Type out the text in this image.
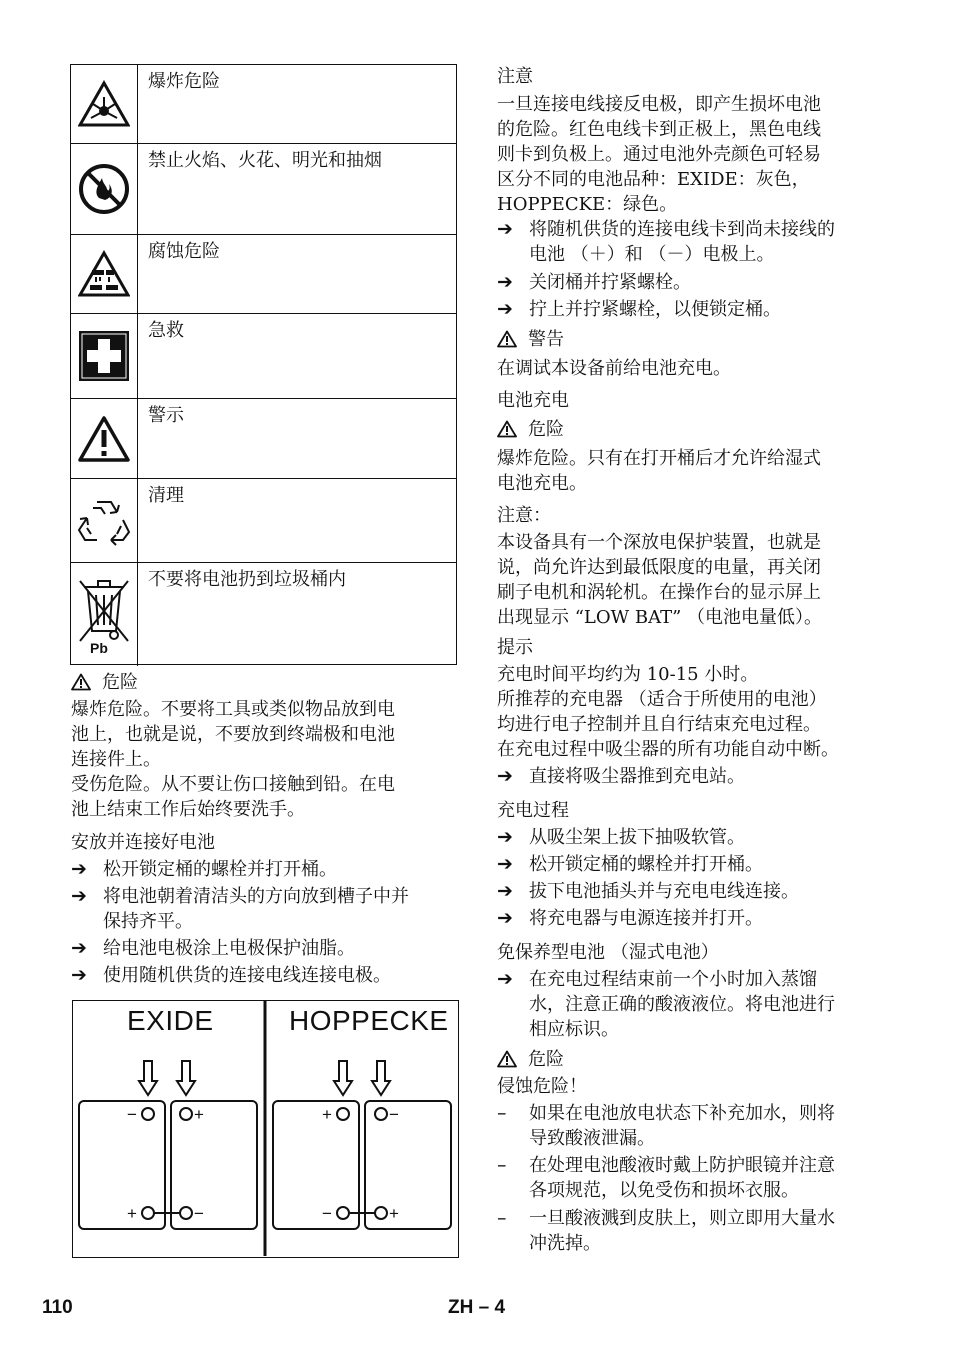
爆炸危险
禁止火焰、火花、明光和抽烟
腐蚀危险
急救
警示
清理
Pb
不要将电池扔到垃圾桶内
危险
爆炸危险。不要将工具或类似物品放到电
池上，也就是说，不要放到终端极和电池
连接件上。
受伤危险。从不要让伤口接触到铅。在电
池上结束工作后始终要洗手。
安放并连接好电池
➔ 松开锁定桶的螺栓并打开桶。
➔ 将电池朝着清洁头的方向放到槽子中并
保持齐平。
➔ 给电池电极涂上电极保护油脂。
➔ 使用随机供货的连接电线连接电极。
−	+
+	−
+	−
−	+
EXIDE	HOPPECKE
注意
一旦连接电线接反电极，即产生损坏电池
的危险。红色电线卡到正极上，黑色电线
则卡到负极上。通过电池外壳颜色可轻易
区分不同的电池品种：EXIDE：灰色，
HOPPECKE：绿色。
➔ 将随机供货的连接电线卡到尚未接线的
电池 （＋）和 （－）电极上。
➔ 关闭桶并拧紧螺栓。
➔ 拧上并拧紧螺栓，以便锁定桶。
警告
在调试本设备前给电池充电。
电池充电
危险
爆炸危险。只有在打开桶后才允许给湿式
电池充电。
注意：
本设备具有一个深放电保护装置，也就是
说，尚允许达到最低限度的电量，再关闭
刷子电机和涡轮机。在操作台的显示屏上
出现显示 “LOW BAT” （电池电量低）。
提示
充电时间平均约为 10-15 小时。
所推荐的充电器 （适合于所使用的电池）
均进行电子控制并且自行结束充电过程。
在充电过程中吸尘器的所有功能自动中断。
➔ 直接将吸尘器推到充电站。
充电过程
➔ 从吸尘架上拔下抽吸软管。
➔ 松开锁定桶的螺栓并打开桶。
➔ 拔下电池插头并与充电电线连接。
➔ 将充电器与电源连接并打开。
免保养型电池 （湿式电池）
➔ 在充电过程结束前一个小时加入蒸馏
水，注意正确的酸液液位。将电池进行
相应标识。
危险
侵蚀危险！
– 如果在电池放电状态下补充加水，则将
导致酸液泄漏。
– 在处理电池酸液时戴上防护眼镜并注意
各项规范，以免受伤和损坏衣服。
– 一旦酸液溅到皮肤上，则立即用大量水
冲洗掉。
110	ZH – 4
